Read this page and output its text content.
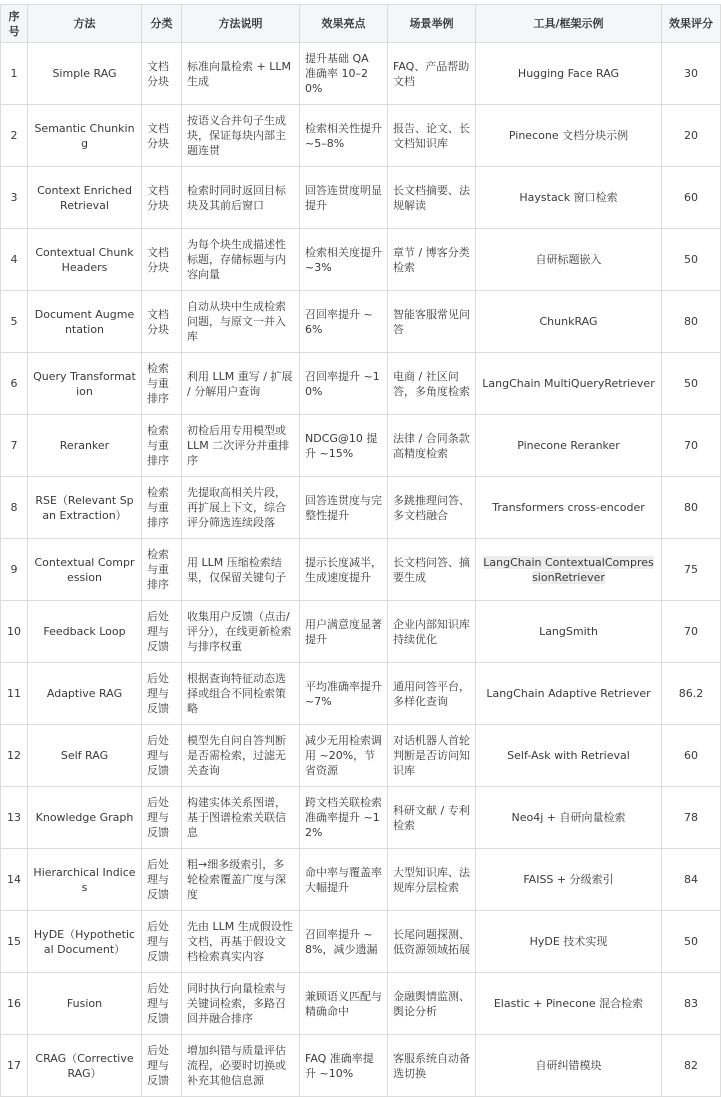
序号	方法	分类	方法说明	效果亮点	场景举例	工具/框架示例	效果评分
1	Simple RAG	文档分块	标准向量检索 + LLM 生成	提升基础 QA 准确率 10–20%	FAQ、产品帮助文档	Hugging Face RAG	30
2	Semantic Chunking	文档分块	按语义合并句子生成块，保证每块内部主题连贯	检索相关性提升 ~5–8%	报告、论文、长文档知识库	Pinecone 文档分块示例	20
3	Context Enriched Retrieval	文档分块	检索时同时返回目标块及其前后窗口	回答连贯度明显提升	长文档摘要、法规解读	Haystack 窗口检索	60
4	Contextual Chunk Headers	文档分块	为每个块生成描述性标题，存储标题与内容向量	检索相关度提升 ~3%	章节 / 博客分类检索	自研标题嵌入	50
5	Document Augmentation	文档分块	自动从块中生成检索问题，与原文一并入库	召回率提升 ~6%	智能客服常见问答	ChunkRAG	80
6	Query Transformation	检索与重排序	利用 LLM 重写 / 扩展 / 分解用户查询	召回率提升 ~10%	电商 / 社区问答，多角度检索	LangChain MultiQueryRetriever	50
7	Reranker	检索与重排序	初检后用专用模型或 LLM 二次评分并重排序	NDCG@10 提升 ~15%	法律 / 合同条款高精度检索	Pinecone Reranker	70
8	RSE（Relevant Span Extraction）	检索与重排序	先提取高相关片段，再扩展上下文，综合评分筛选连续段落	回答连贯度与完整性提升	多跳推理问答、多文档融合	Transformers cross-encoder	80
9	Contextual Compression	检索与重排序	用 LLM 压缩检索结果，仅保留关键句子	提示长度减半，生成速度提升	长文档问答、摘要生成	LangChain ContextualCompressionRetriever	75
10	Feedback Loop	后处理与反馈	收集用户反馈（点击/评分），在线更新检索与排序权重	用户满意度显著提升	企业内部知识库持续优化	LangSmith	70
11	Adaptive RAG	后处理与反馈	根据查询特征动态选择或组合不同检索策略	平均准确率提升 ~7%	通用问答平台，多样化查询	LangChain Adaptive Retriever	86.2
12	Self RAG	后处理与反馈	模型先自问自答判断是否需检索，过滤无关查询	减少无用检索调用 ~20%，节省资源	对话机器人首轮判断是否访问知识库	Self-Ask with Retrieval	60
13	Knowledge Graph	后处理与反馈	构建实体关系图谱，基于图谱检索关联信息	跨文档关联检索准确率提升 ~12%	科研文献 / 专利检索	Neo4j + 自研向量检索	78
14	Hierarchical Indices	后处理与反馈	粗→细多级索引，多轮检索覆盖广度与深度	命中率与覆盖率大幅提升	大型知识库、法规库分层检索	FAISS + 分级索引	84
15	HyDE（Hypothetical Document）	后处理与反馈	先由 LLM 生成假设性文档，再基于假设文档检索真实内容	召回率提升 ~8%，减少遗漏	长尾问题探测、低资源领域拓展	HyDE 技术实现	50
16	Fusion	后处理与反馈	同时执行向量检索与关键词检索，多路召回并融合排序	兼顾语义匹配与精确命中	金融舆情监测、舆论分析	Elastic + Pinecone 混合检索	83
17	CRAG（Corrective RAG）	后处理与反馈	增加纠错与质量评估流程，必要时切换或补充其他信息源	FAQ 准确率提升 ~10%	客服系统自动备选切换	自研纠错模块	82
